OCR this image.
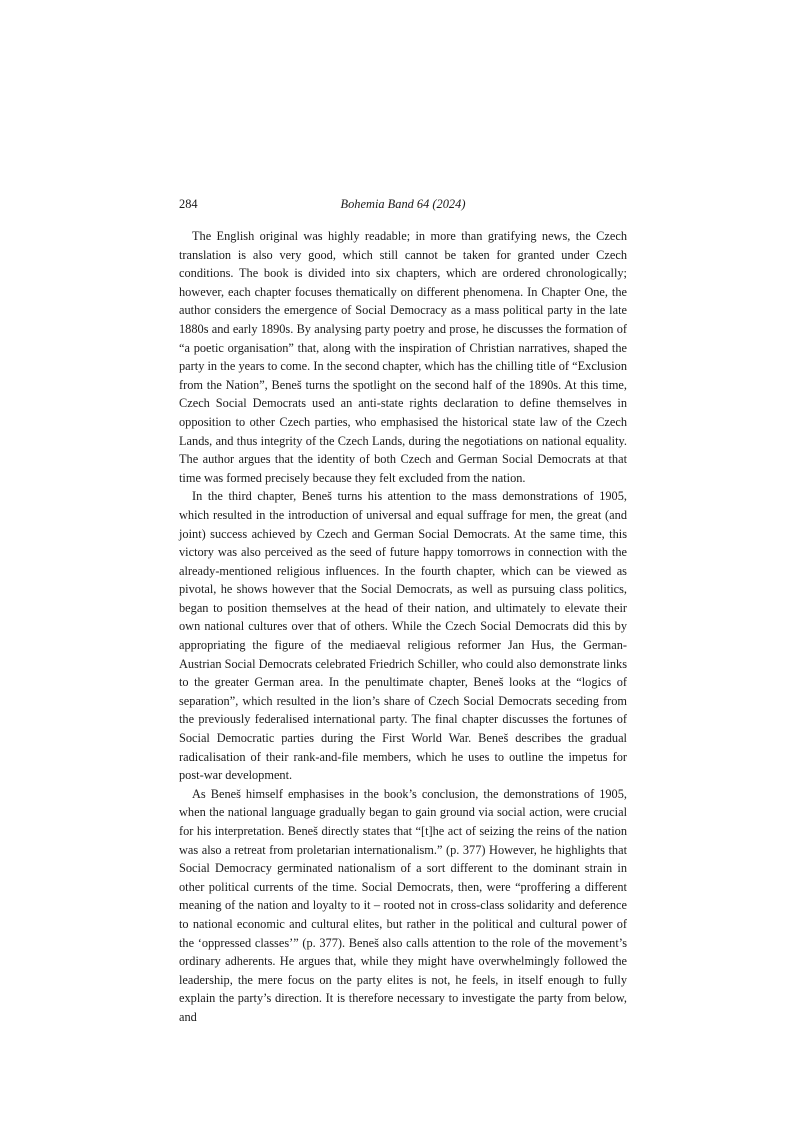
284	Bohemia Band 64 (2024)

The English original was highly readable; in more than gratifying news, the Czech translation is also very good, which still cannot be taken for granted under Czech conditions. The book is divided into six chapters, which are ordered chronologically; however, each chapter focuses thematically on different phenomena. In Chapter One, the author considers the emergence of Social Democracy as a mass political party in the late 1880s and early 1890s. By analysing party poetry and prose, he discusses the formation of “a poetic organisation” that, along with the inspiration of Christian narratives, shaped the party in the years to come. In the second chapter, which has the chilling title of “Exclusion from the Nation”, Beneš turns the spotlight on the second half of the 1890s. At this time, Czech Social Democrats used an anti-state rights declaration to define themselves in opposition to other Czech parties, who emphasised the historical state law of the Czech Lands, and thus integrity of the Czech Lands, during the negotiations on national equality. The author argues that the identity of both Czech and German Social Democrats at that time was formed precisely because they felt excluded from the nation.

In the third chapter, Beneš turns his attention to the mass demonstrations of 1905, which resulted in the introduction of universal and equal suffrage for men, the great (and joint) success achieved by Czech and German Social Democrats. At the same time, this victory was also perceived as the seed of future happy tomorrows in connection with the already-mentioned religious influences. In the fourth chapter, which can be viewed as pivotal, he shows however that the Social Democrats, as well as pursuing class politics, began to position themselves at the head of their nation, and ultimately to elevate their own national cultures over that of others. While the Czech Social Democrats did this by appropriating the figure of the mediaeval religious reformer Jan Hus, the German-Austrian Social Democrats celebrated Friedrich Schiller, who could also demonstrate links to the greater German area. In the penultimate chapter, Beneš looks at the “logics of separation”, which resulted in the lion’s share of Czech Social Democrats seceding from the previously federalised international party. The final chapter discusses the fortunes of Social Democratic parties during the First World War. Beneš describes the gradual radicalisation of their rank-and-file members, which he uses to outline the impetus for post-war development.

As Beneš himself emphasises in the book’s conclusion, the demonstrations of 1905, when the national language gradually began to gain ground via social action, were crucial for his interpretation. Beneš directly states that “[t]he act of seizing the reins of the nation was also a retreat from proletarian internationalism.” (p. 377) However, he highlights that Social Democracy germinated nationalism of a sort different to the dominant strain in other political currents of the time. Social Democrats, then, were “proffering a different meaning of the nation and loyalty to it – rooted not in cross-class solidarity and deference to national economic and cultural elites, but rather in the political and cultural power of the ‘oppressed classes’” (p. 377). Beneš also calls attention to the role of the movement’s ordinary adherents. He argues that, while they might have overwhelmingly followed the leadership, the mere focus on the party elites is not, he feels, in itself enough to fully explain the party’s direction. It is therefore necessary to investigate the party from below, and
